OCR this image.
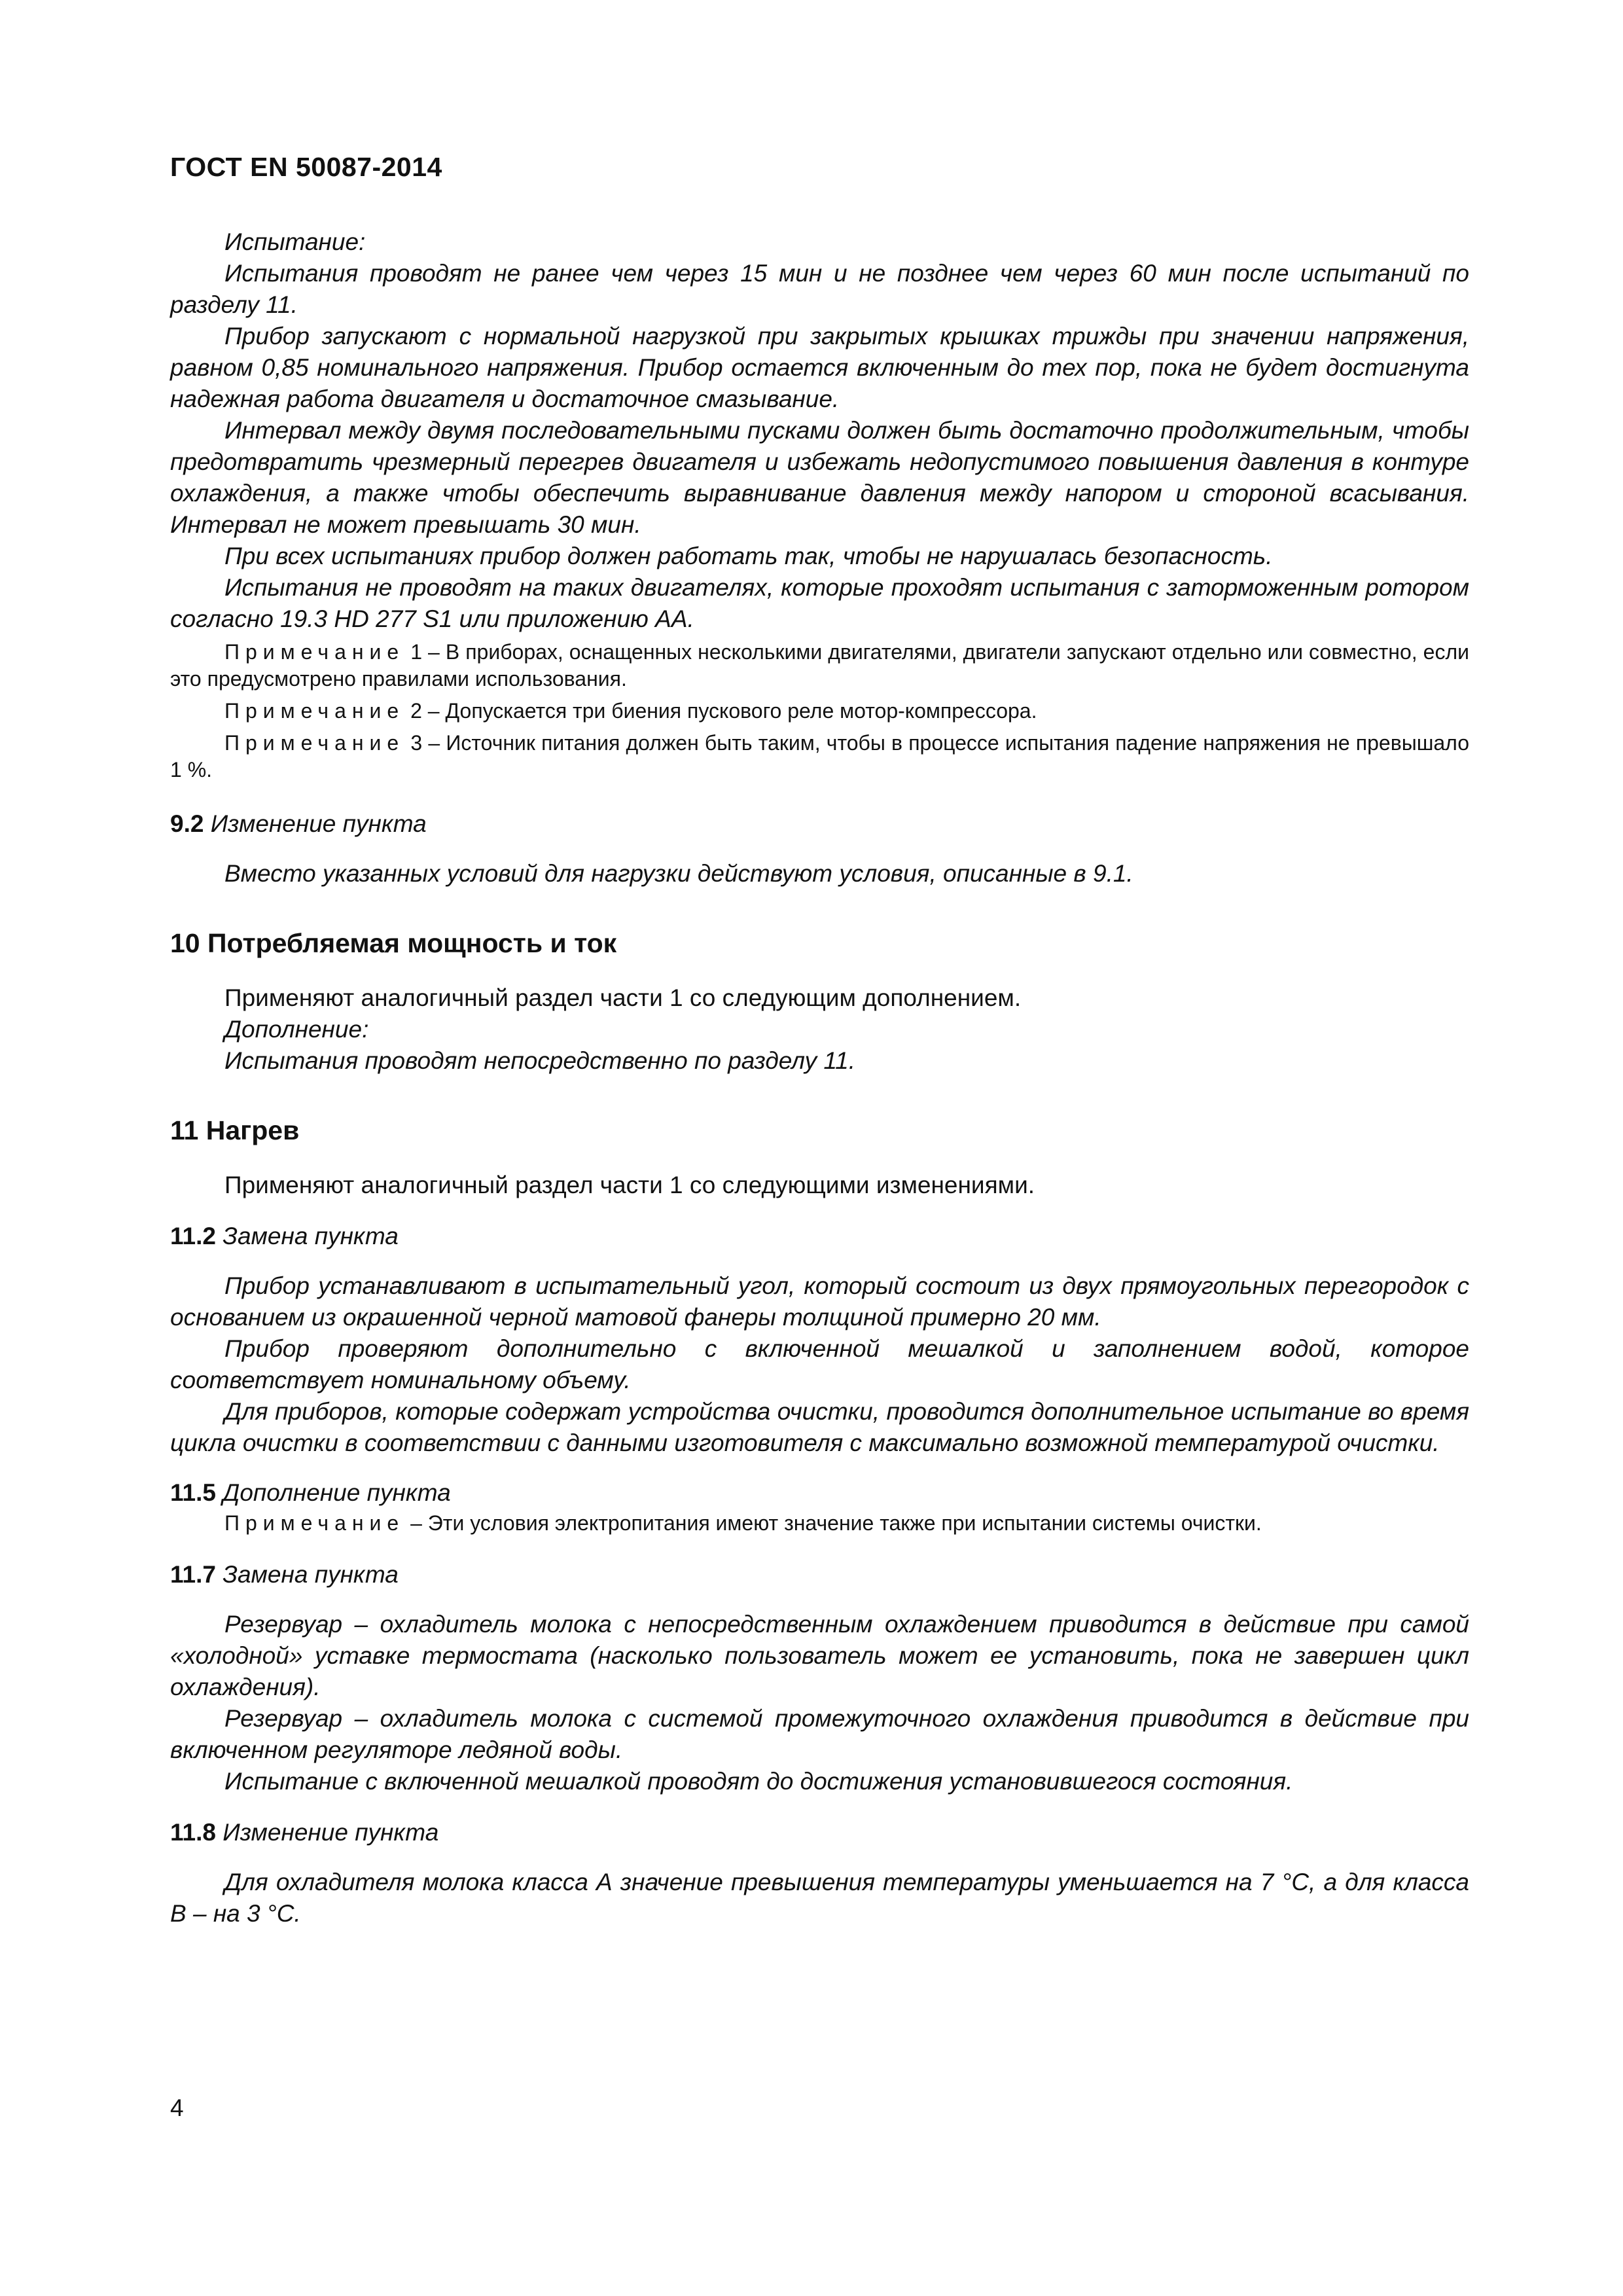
ГОСТ EN 50087-2014

Испытание:

Испытания проводят не ранее чем через 15 мин и не позднее чем через 60 мин после испытаний по разделу 11.

Прибор запускают с нормальной нагрузкой при закрытых крышках трижды при значении напряжения, равном 0,85 номинального напряжения. Прибор остается включенным до тех пор, пока не будет достигнута надежная работа двигателя и достаточное смазывание.

Интервал между двумя последовательными пусками должен быть достаточно продолжительным, чтобы предотвратить чрезмерный перегрев двигателя и избежать недопустимого повышения давления в контуре охлаждения, а также чтобы обеспечить выравнивание давления между напором и стороной всасывания. Интервал не может превышать 30 мин.

При всех испытаниях прибор должен работать так, чтобы не нарушалась безопасность.

Испытания не проводят на таких двигателях, которые проходят испытания с заторможенным ротором согласно 19.3 HD 277 S1 или приложению АА.

Примечание 1 – В приборах, оснащенных несколькими двигателями, двигатели запускают отдельно или совместно, если это предусмотрено правилами использования.

Примечание 2 – Допускается три биения пускового реле мотор-компрессора.

Примечание 3 – Источник питания должен быть таким, чтобы в процессе испытания падение напряжения не превышало 1 %.

9.2 Изменение пункта

Вместо указанных условий для нагрузки действуют условия, описанные в 9.1.

10 Потребляемая мощность и ток

Применяют аналогичный раздел части 1 со следующим дополнением.

Дополнение:

Испытания проводят непосредственно по разделу 11.

11 Нагрев

Применяют аналогичный раздел части 1 со следующими изменениями.

11.2 Замена пункта

Прибор устанавливают в испытательный угол, который состоит из двух прямоугольных перегородок с основанием из окрашенной черной матовой фанеры толщиной примерно 20 мм.

Прибор проверяют дополнительно с включенной мешалкой и заполнением водой, которое соответствует номинальному объему.

Для приборов, которые содержат устройства очистки, проводится дополнительное испытание во время цикла очистки в соответствии с данными изготовителя с максимально возможной температурой очистки.

11.5 Дополнение пункта

Примечание – Эти условия электропитания имеют значение также при испытании системы очистки.

11.7 Замена пункта

Резервуар – охладитель молока с непосредственным охлаждением приводится в действие при самой «холодной» уставке термостата (насколько пользователь может ее установить, пока не завершен цикл охлаждения).

Резервуар – охладитель молока с системой промежуточного охлаждения приводится в действие при включенном регуляторе ледяной воды.

Испытание с включенной мешалкой проводят до достижения установившегося состояния.

11.8 Изменение пункта

Для охладителя молока класса А значение превышения температуры уменьшается на 7 °С, а для класса В – на 3 °С.

4
